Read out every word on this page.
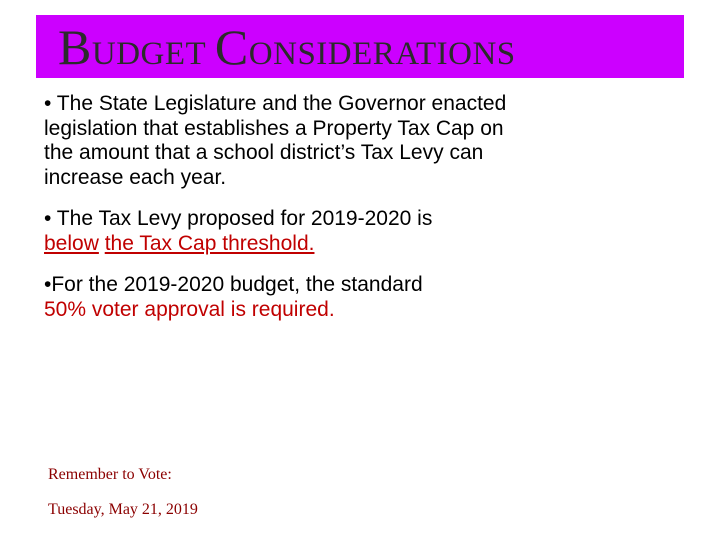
BUDGET CONSIDERATIONS

• The State Legislature and the Governor enacted legislation that establishes a Property Tax Cap on the amount that a school district’s Tax Levy can increase each year.

• The Tax Levy proposed for 2019-2020 is
below the Tax Cap threshold.

•For the 2019-2020 budget, the standard
50% voter approval is required.

Remember to Vote:
Tuesday, May 21, 2019
